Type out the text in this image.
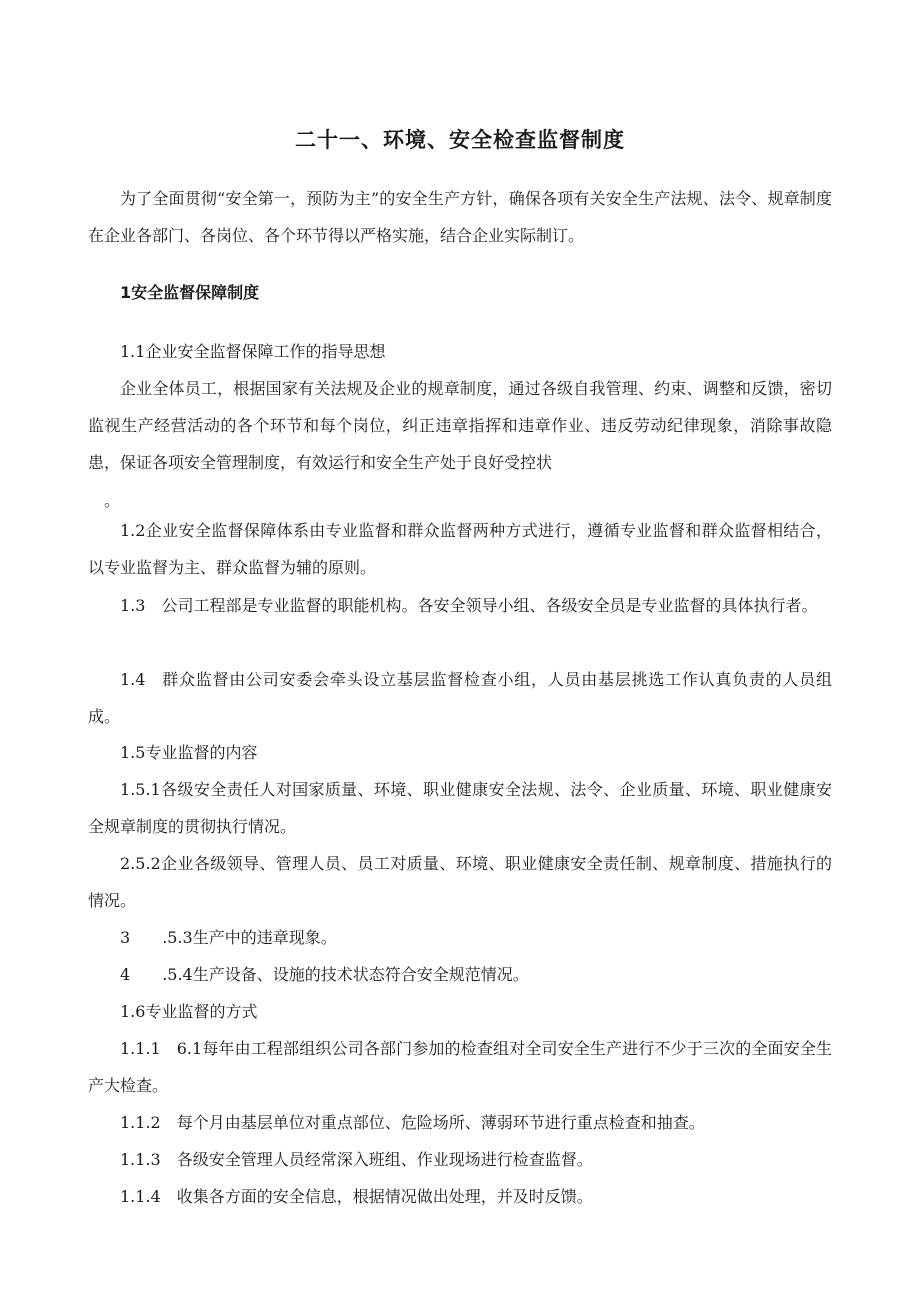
二十一、环境、安全检查监督制度

为了全面贯彻“安全第一，预防为主”的安全生产方针，确保各项有关安全生产法规、法令、规章制度在企业各部门、各岗位、各个环节得以严格实施，结合企业实际制订。

1安全监督保障制度

1.1企业安全监督保障工作的指导思想

企业全体员工，根据国家有关法规及企业的规章制度，通过各级自我管理、约束、调整和反馈，密切监视生产经营活动的各个环节和每个岗位，纠正违章指挥和违章作业、违反劳动纪律现象，消除事故隐患，保证各项安全管理制度，有效运行和安全生产处于良好受控状

。

1.2企业安全监督保障体系由专业监督和群众监督两种方式进行，遵循专业监督和群众监督相结合，以专业监督为主、群众监督为辅的原则。

1.3 公司工程部是专业监督的职能机构。各安全领导小组、各级安全员是专业监督的具体执行者。

1.4 群众监督由公司安委会牵头设立基层监督检查小组，人员由基层挑选工作认真负责的人员组成。

1.5专业监督的内容

1.5.1各级安全责任人对国家质量、环境、职业健康安全法规、法令、企业质量、环境、职业健康安全规章制度的贯彻执行情况。

2.5.2企业各级领导、管理人员、员工对质量、环境、职业健康安全责任制、规章制度、措施执行的情况。

3 .5.3生产中的违章现象。

4 .5.4生产设备、设施的技术状态符合安全规范情况。

1.6专业监督的方式

1.1.1 6.1每年由工程部组织公司各部门参加的检查组对全司安全生产进行不少于三次的全面安全生产大检查。

1.1.2 每个月由基层单位对重点部位、危险场所、薄弱环节进行重点检查和抽查。

1.1.3 各级安全管理人员经常深入班组、作业现场进行检查监督。

1.1.4 收集各方面的安全信息，根据情况做出处理，并及时反馈。
